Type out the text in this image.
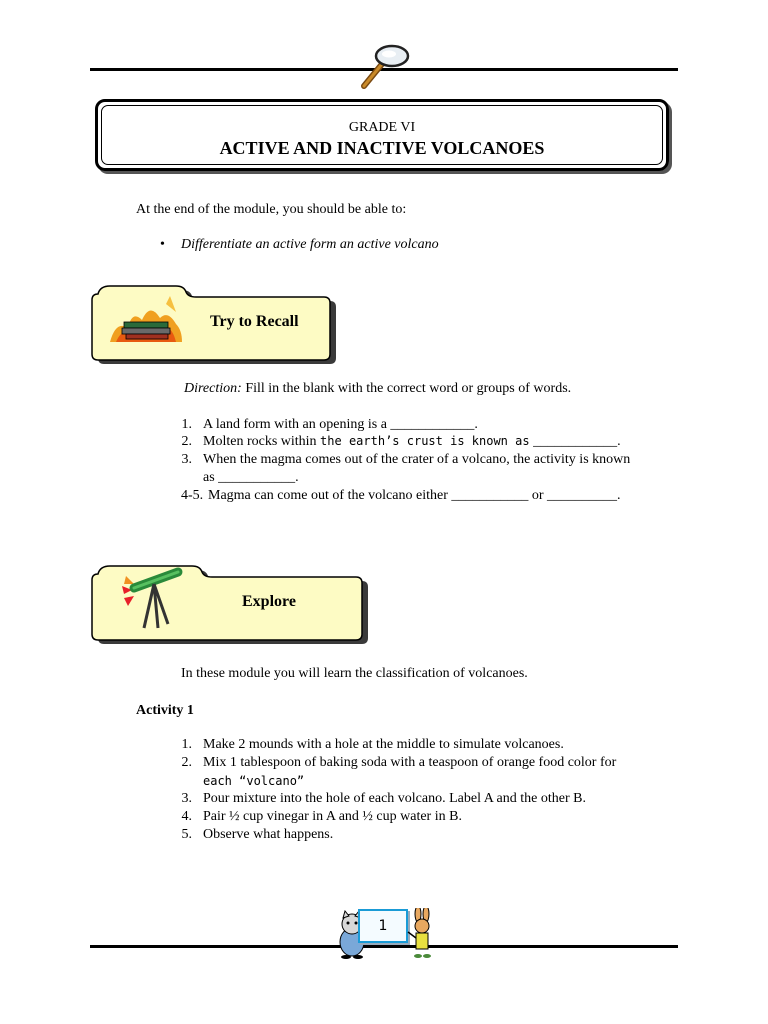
GRADE VI
ACTIVE AND INACTIVE VOLCANOES
At the end of the module, you should be able to:
• Differentiate an active form an active volcano
Try to Recall
Direction: Fill in the blank with the correct word or groups of words.
1. A land form with an opening is a ____________.
2. Molten rocks within the earth’s crust is known as ____________.
3. When the magma comes out of the crater of a volcano, the activity is known
as ___________.
4-5. Magma can come out of the volcano either ___________ or __________.
Explore
In these module you will learn the classification of volcanoes.
Activity 1
1. Make 2 mounds with a hole at the middle to simulate volcanoes.
2. Mix 1 tablespoon of baking soda with a teaspoon of orange food color for
each “volcano”
3. Pour mixture into the hole of each volcano. Label A and the other B.
4. Pair ½ cup vinegar in A and ½ cup water in B.
5. Observe what happens.
1
